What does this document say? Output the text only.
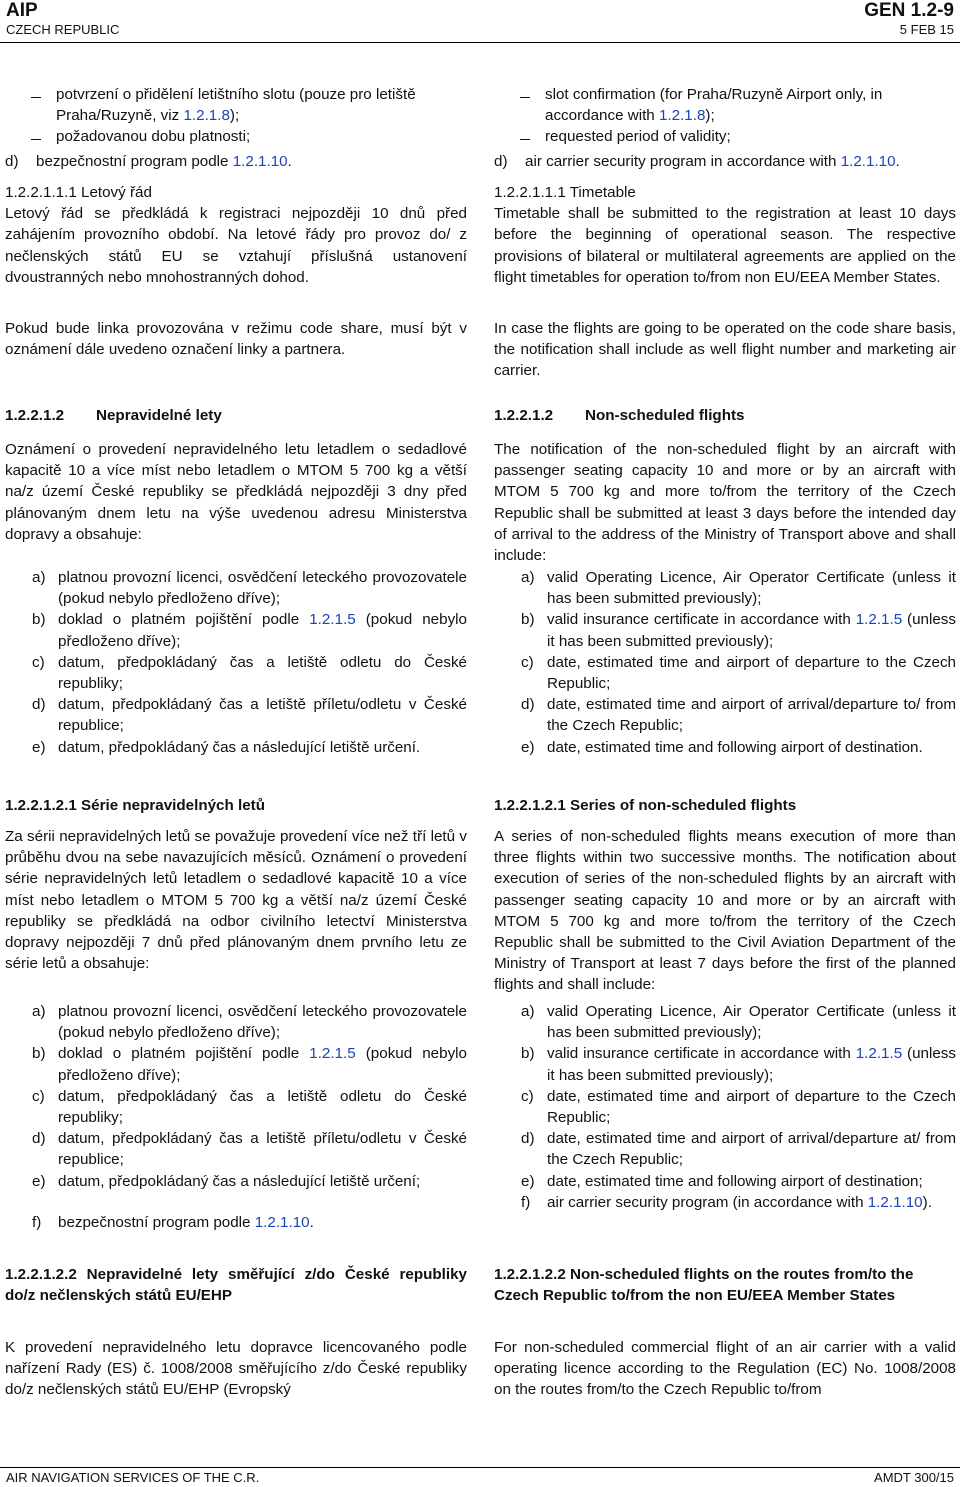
AIP
CZECH REPUBLIC
GEN 1.2-9
5 FEB 15

potvrzení o přidělení letištního slotu (pouze pro letiště Praha/Ruzyně, viz 1.2.1.8);

požadovanou dobu platnosti;

d) bezpečnostní program podle 1.2.1.10.

1.2.2.1.1.1 Letový řád

Letový řád se předkládá k registraci nejpozději 10 dnů před zahájením provozního období. Na letové řády pro provoz do/ z nečlenských států EU se vztahují příslušná ustanovení dvoustranných nebo mnohostranných dohod.

Pokud bude linka provozována v režimu code share, musí být v oznámení dále uvedeno označení linky a partnera.

1.2.2.1.2	Nepravidelné lety

Oznámení o provedení nepravidelného letu letadlem o sedadlové kapacitě 10 a více míst nebo letadlem o MTOM 5 700 kg a větší na/z území České republiky se předkládá nejpozději 3 dny před plánovaným dnem letu na výše uvedenou adresu Ministerstva dopravy a obsahuje:

a) platnou provozní licenci, osvědčení leteckého provozovatele (pokud nebylo předloženo dříve);

b) doklad o platném pojištění podle 1.2.1.5 (pokud nebylo předloženo dříve);

c) datum, předpokládaný čas a letiště odletu do České republiky;

d) datum, předpokládaný čas a letiště příletu/odletu v České republice;

e) datum, předpokládaný čas a následující letiště určení.

1.2.2.1.2.1 Série nepravidelných letů

Za sérii nepravidelných letů se považuje provedení více než tří letů v průběhu dvou na sebe navazujících měsíců. Oznámení o provedení série nepravidelných letů letadlem o sedadlové kapacitě 10 a více míst nebo letadlem o MTOM 5 700 kg a větší na/z území České republiky se předkládá na odbor civilního letectví Ministerstva dopravy nejpozději 7 dnů před plánovaným dnem prvního letu ze série letů a obsahuje:

a) platnou provozní licenci, osvědčení leteckého provozovatele (pokud nebylo předloženo dříve);

b) doklad o platném pojištění podle 1.2.1.5 (pokud nebylo předloženo dříve);

c) datum, předpokládaný čas a letiště odletu do České republiky;

d) datum, předpokládaný čas a letiště příletu/odletu v České republice;

e) datum, předpokládaný čas a následující letiště určení;

f) bezpečnostní program podle 1.2.1.10.

1.2.2.1.2.2 Nepravidelné lety směřující z/do České republiky do/z nečlenských států EU/EHP

K provedení nepravidelného letu dopravce licencovaného podle nařízení Rady (ES) č. 1008/2008 směřujícího z/do České republiky do/z nečlenských států EU/EHP (Evropský

slot confirmation (for Praha/Ruzyně Airport only, in accordance with 1.2.1.8);

requested period of validity;

d) air carrier security program in accordance with 1.2.1.10.

1.2.2.1.1.1 Timetable

Timetable shall be submitted to the registration at least 10 days before the beginning of operational season. The respective provisions of bilateral or multilateral agreements are applied on the flight timetables for operation to/from non EU/EEA Member States.

In case the flights are going to be operated on the code share basis, the notification shall include as well flight number and marketing air carrier.

1.2.2.1.2	Non-scheduled flights

The notification of the non-scheduled flight by an aircraft with passenger seating capacity 10 and more or by an aircraft with MTOM 5 700 kg and more to/from the territory of the Czech Republic shall be submitted at least 3 days before the intended day of arrival to the address of the Ministry of Transport above and shall include:

a) valid Operating Licence, Air Operator Certificate (unless it has been submitted previously);

b) valid insurance certificate in accordance with 1.2.1.5 (unless it has been submitted previously);

c) date, estimated time and airport of departure to the Czech Republic;

d) date, estimated time and airport of arrival/departure to/ from the Czech Republic;

e) date, estimated time and following airport of destination.

1.2.2.1.2.1 Series of non-scheduled flights

A series of non-scheduled flights means execution of more than three flights within two successive months. The notification about execution of series of the non-scheduled flights by an aircraft with passenger seating capacity 10 and more or by an aircraft with MTOM 5 700 kg and more to/from the territory of the Czech Republic shall be submitted to the Civil Aviation Department of the Ministry of Transport at least 7 days before the first of the planned flights and shall include:

a) valid Operating Licence, Air Operator Certificate (unless it has been submitted previously);

b) valid insurance certificate in accordance with 1.2.1.5 (unless it has been submitted previously);

c) date, estimated time and airport of departure to the Czech Republic;

d) date, estimated time and airport of arrival/departure at/ from the Czech Republic;

e) date, estimated time and following airport of destination;

f) air carrier security program (in accordance with 1.2.1.10).

1.2.2.1.2.2 Non-scheduled flights on the routes from/to the Czech Republic to/from the non EU/EEA Member States

For non-scheduled commercial flight of an air carrier with a valid operating licence according to the Regulation (EC) No. 1008/2008 on the routes from/to the Czech Republic to/from

AIR NAVIGATION SERVICES OF THE C.R.	AMDT 300/15
